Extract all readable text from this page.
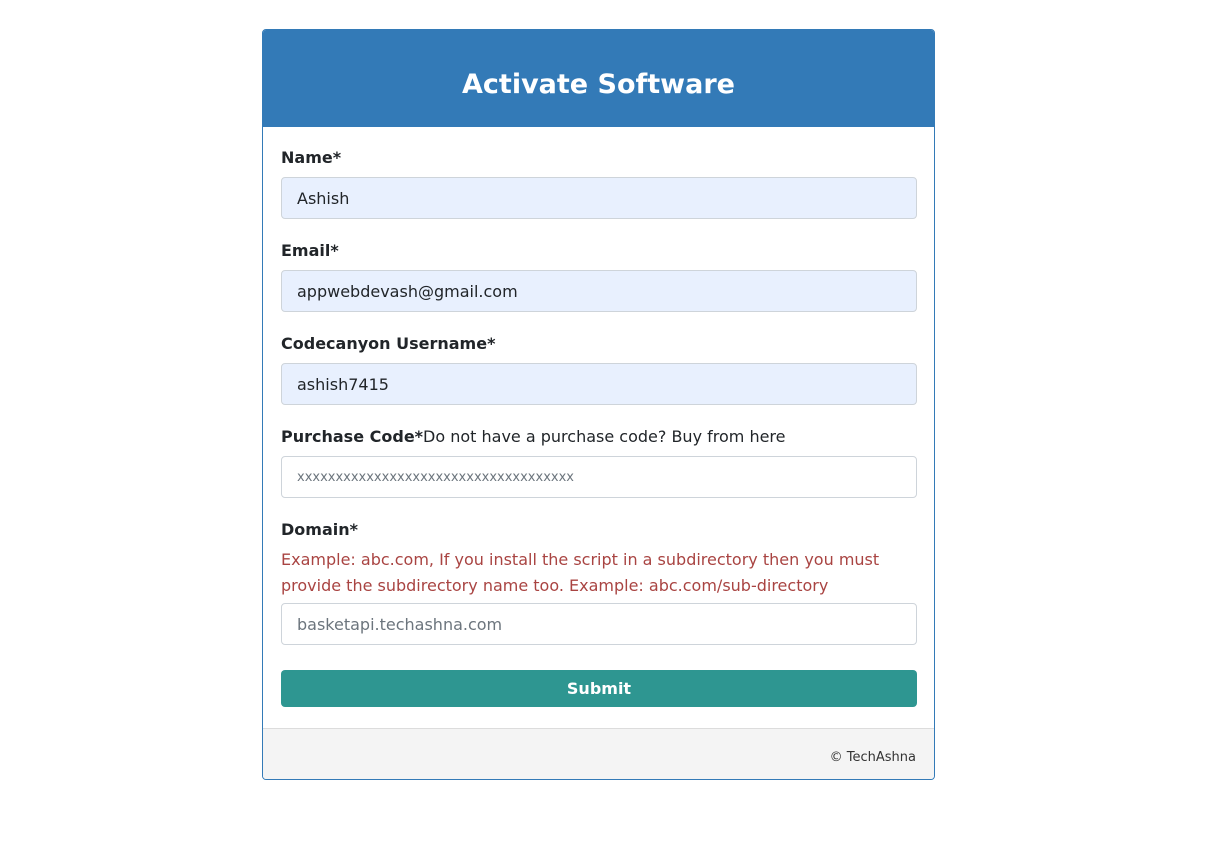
Activate Software
Name*
Ashish
Email*
appwebdevash@gmail.com
Codecanyon Username*
ashish7415
Purchase Code*Do not have a purchase code? Buy from here
xxxxxxxxxxxxxxxxxxxxxxxxxxxxxxxxxxxx
Domain*
Example: abc.com, If you install the script in a subdirectory then you must provide the subdirectory name too. Example: abc.com/sub-directory
basketapi.techashna.com
Submit
© TechAshna
